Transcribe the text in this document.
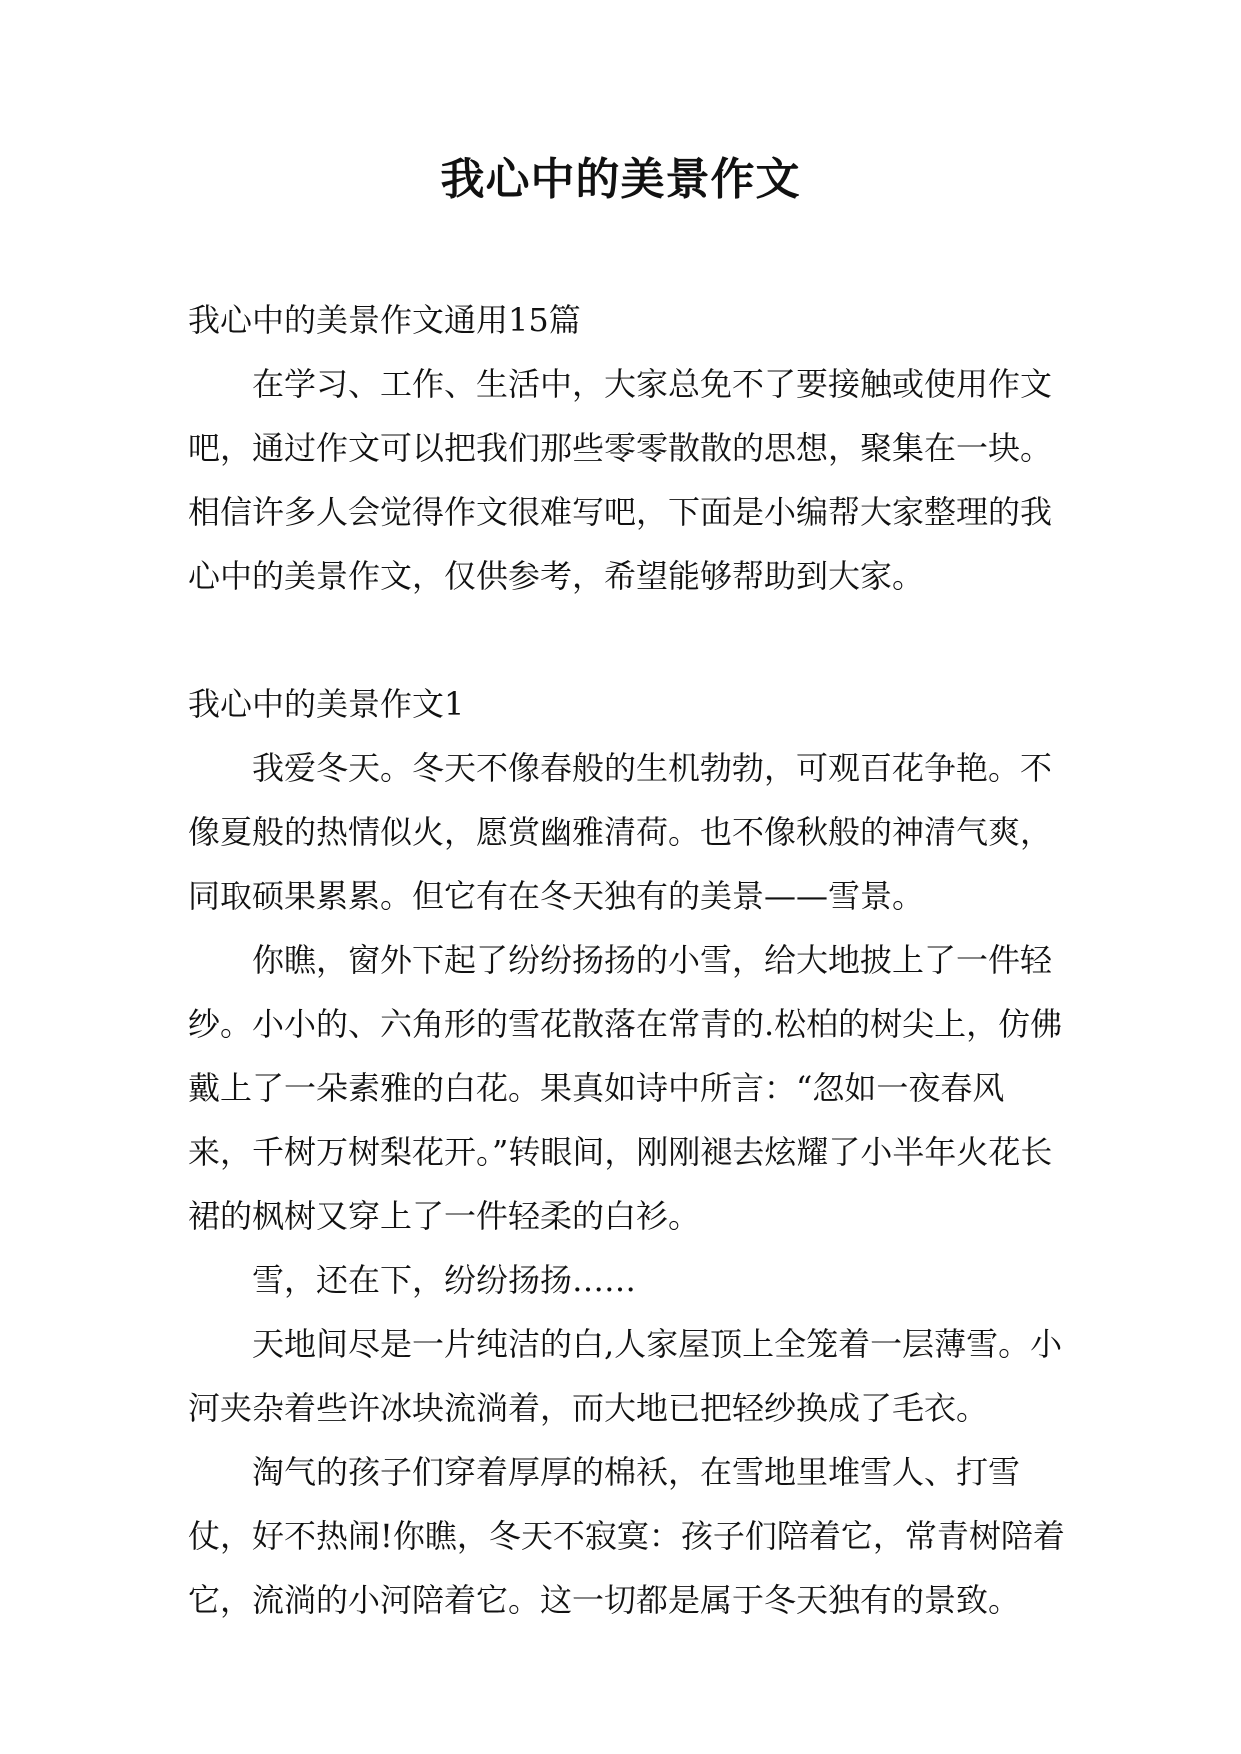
我心中的美景作文

我心中的美景作文通用15篇

在学习、工作、生活中，大家总免不了要接触或使用作文吧，通过作文可以把我们那些零零散散的思想，聚集在一块。相信许多人会觉得作文很难写吧，下面是小编帮大家整理的我心中的美景作文，仅供参考，希望能够帮助到大家。

我心中的美景作文1

我爱冬天。冬天不像春般的生机勃勃，可观百花争艳。不像夏般的热情似火，愿赏幽雅清荷。也不像秋般的神清气爽，同取硕果累累。但它有在冬天独有的美景——雪景。

你瞧，窗外下起了纷纷扬扬的小雪，给大地披上了一件轻纱。小小的、六角形的雪花散落在常青的.松柏的树尖上，仿佛戴上了一朵素雅的白花。果真如诗中所言：“忽如一夜春风来，千树万树梨花开。”转眼间，刚刚褪去炫耀了小半年火花长裙的枫树又穿上了一件轻柔的白衫。

雪，还在下，纷纷扬扬……

天地间尽是一片纯洁的白,人家屋顶上全笼着一层薄雪。小河夹杂着些许冰块流淌着，而大地已把轻纱换成了毛衣。

淘气的孩子们穿着厚厚的棉袄，在雪地里堆雪人、打雪仗，好不热闹!你瞧，冬天不寂寞：孩子们陪着它，常青树陪着它，流淌的小河陪着它。这一切都是属于冬天独有的景致。
